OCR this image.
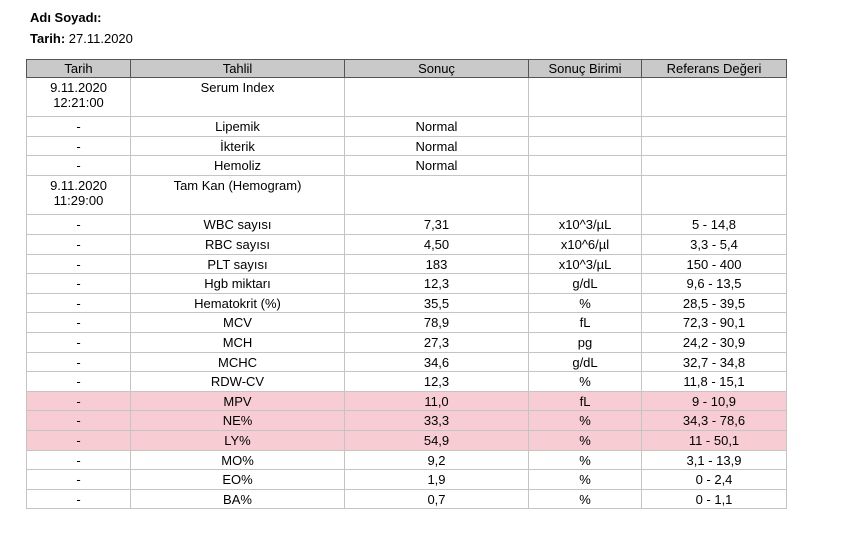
Adı Soyadı:
Tarih: 27.11.2020
Tarih	Tahlil	Sonuç	Sonuç Birimi	Referans Değeri

9.11.2020
12:21:00	Serum Index			
-	Lipemik	Normal		
-	İkterik	Normal		
-	Hemoliz	Normal		

9.11.2020
11:29:00	Tam Kan (Hemogram)			
-	WBC sayısı	7,31	x10^3/µL	5 - 14,8
-	RBC sayısı	4,50	x10^6/µl	3,3 - 5,4
-	PLT sayısı	183	x10^3/µL	150 - 400
-	Hgb miktarı	12,3	g/dL	9,6 - 13,5
-	Hematokrit (%)	35,5	%	28,5 - 39,5
-	MCV	78,9	fL	72,3 - 90,1
-	MCH	27,3	pg	24,2 - 30,9
-	MCHC	34,6	g/dL	32,7 - 34,8
-	RDW-CV	12,3	%	11,8 - 15,1
-	MPV	11,0	fL	9 - 10,9
-	NE%	33,3	%	34,3 - 78,6
-	LY%	54,9	%	11 - 50,1
-	MO%	9,2	%	3,1 - 13,9
-	EO%	1,9	%	0 - 2,4
-	BA%	0,7	%	0 - 1,1
